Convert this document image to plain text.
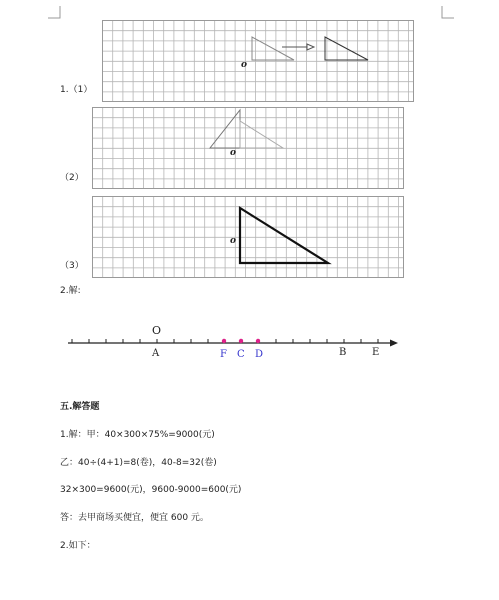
o
1.（1）
o
（2）
o
（3）
2.解:
O
A	F C D	B	E
五.解答题
1.解：甲：40×300×75%=9000(元)
乙：40÷(4+1)=8(卷)，40-8=32(卷)
32×300=9600(元)，9600-9000=600(元)
答：去甲商场买便宜，便宜 600 元。
2.如下：
